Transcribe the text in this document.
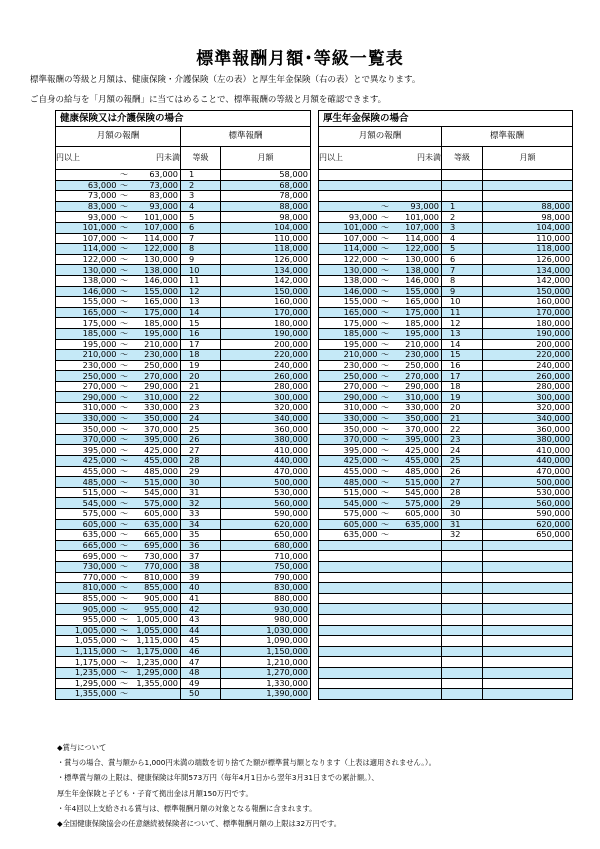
標準報酬月額･等級一覧表
標準報酬の等級と月額は、健康保険・介護保険（左の表）と厚生年金保険（右の表）とで異なります。
ご自身の給与を「月額の報酬」に当てはめることで、標準報酬の等級と月額を確認できます。
健康保険又は介護保険の場合				
月額の報酬			標準報酬	
円以上		円未満	等級	月額
	～	63,000	1	58,000
63,000	～	73,000	2	68,000
73,000	～	83,000	3	78,000
83,000	～	93,000	4	88,000
93,000	～	101,000	5	98,000
101,000	～	107,000	6	104,000
107,000	～	114,000	7	110,000
114,000	～	122,000	8	118,000
122,000	～	130,000	9	126,000
130,000	～	138,000	10	134,000
138,000	～	146,000	11	142,000
146,000	～	155,000	12	150,000
155,000	～	165,000	13	160,000
165,000	～	175,000	14	170,000
175,000	～	185,000	15	180,000
185,000	～	195,000	16	190,000
195,000	～	210,000	17	200,000
210,000	～	230,000	18	220,000
230,000	～	250,000	19	240,000
250,000	～	270,000	20	260,000
270,000	～	290,000	21	280,000
290,000	～	310,000	22	300,000
310,000	～	330,000	23	320,000
330,000	～	350,000	24	340,000
350,000	～	370,000	25	360,000
370,000	～	395,000	26	380,000
395,000	～	425,000	27	410,000
425,000	～	455,000	28	440,000
455,000	～	485,000	29	470,000
485,000	～	515,000	30	500,000
515,000	～	545,000	31	530,000
545,000	～	575,000	32	560,000
575,000	～	605,000	33	590,000
605,000	～	635,000	34	620,000
635,000	～	665,000	35	650,000
665,000	～	695,000	36	680,000
695,000	～	730,000	37	710,000
730,000	～	770,000	38	750,000
770,000	～	810,000	39	790,000
810,000	～	855,000	40	830,000
855,000	～	905,000	41	880,000
905,000	～	955,000	42	930,000
955,000	～	1,005,000	43	980,000
1,005,000	～	1,055,000	44	1,030,000
1,055,000	～	1,115,000	45	1,090,000
1,115,000	～	1,175,000	46	1,150,000
1,175,000	～	1,235,000	47	1,210,000
1,235,000	～	1,295,000	48	1,270,000
1,295,000	～	1,355,000	49	1,330,000
1,355,000	～		50	1,390,000
厚生年金保険の場合				
月額の報酬			標準報酬	
円以上		円未満	等級	月額

	～	93,000	1	88,000
93,000	～	101,000	2	98,000
101,000	～	107,000	3	104,000
107,000	～	114,000	4	110,000
114,000	～	122,000	5	118,000
122,000	～	130,000	6	126,000
130,000	～	138,000	7	134,000
138,000	～	146,000	8	142,000
146,000	～	155,000	9	150,000
155,000	～	165,000	10	160,000
165,000	～	175,000	11	170,000
175,000	～	185,000	12	180,000
185,000	～	195,000	13	190,000
195,000	～	210,000	14	200,000
210,000	～	230,000	15	220,000
230,000	～	250,000	16	240,000
250,000	～	270,000	17	260,000
270,000	～	290,000	18	280,000
290,000	～	310,000	19	300,000
310,000	～	330,000	20	320,000
330,000	～	350,000	21	340,000
350,000	～	370,000	22	360,000
370,000	～	395,000	23	380,000
395,000	～	425,000	24	410,000
425,000	～	455,000	25	440,000
455,000	～	485,000	26	470,000
485,000	～	515,000	27	500,000
515,000	～	545,000	28	530,000
545,000	～	575,000	29	560,000
575,000	～	605,000	30	590,000
605,000	～	635,000	31	620,000
635,000	～		32	650,000

◆賞与について
・賞与の場合、賞与額から1,000円未満の端数を切り捨てた額が標準賞与額となります（上表は適用されません。）。
・標準賞与額の上限は、健康保険は年間573万円（毎年4月1日から翌年3月31日までの累計額。）、
厚生年金保険と子ども・子育て拠出金は月額150万円です。
・年4回以上支給される賞与は、標準報酬月額の対象となる報酬に含まれます。
◆全国健康保険協会の任意継続被保険者について、標準報酬月額の上限は32万円です。
